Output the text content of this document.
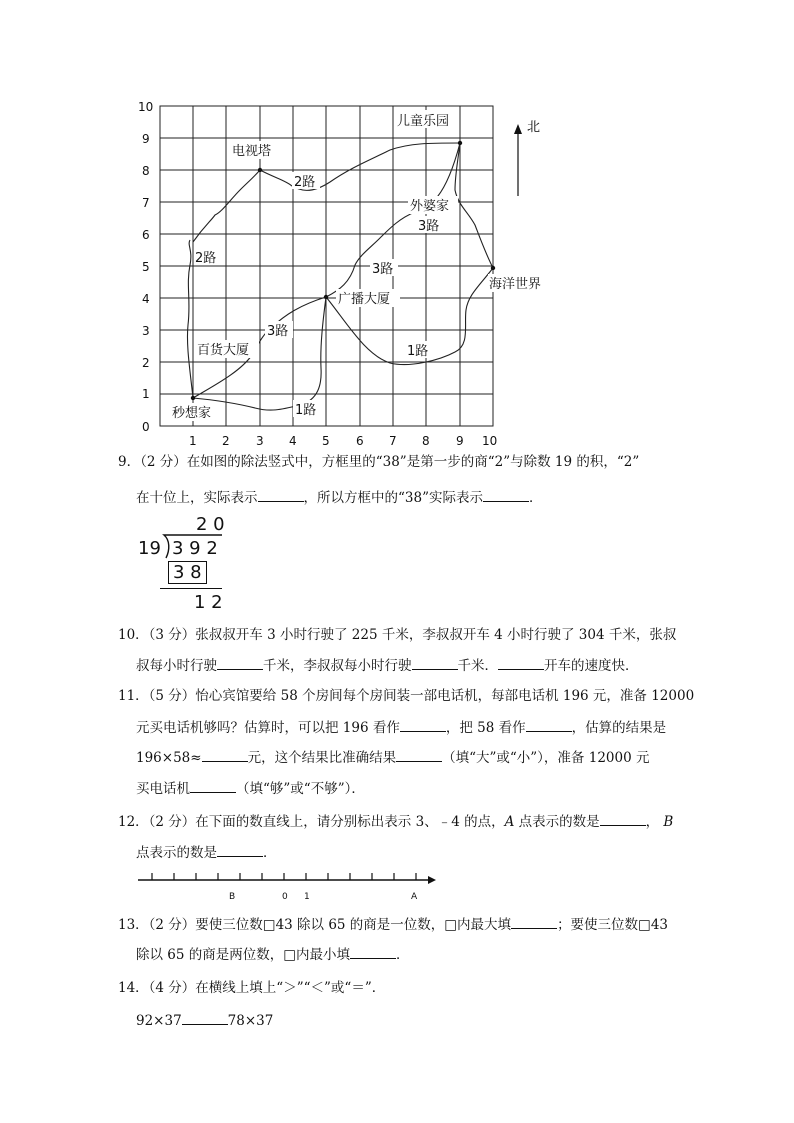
0
1
2
3
4
5
6
7
8
9
10
1 2 3 4 5 6 7 8 9 10
北
儿童乐园
电视塔
外婆家
海洋世界
广播大厦
百货大厦
秒想家
2路
2路
3路
3路
3路
1路
1路
9．（2 分）在如图的除法竖式中，方框里的“38”是第一步的商“2”与除数 19 的积，“2”
在十位上，实际表示	，所以方框中的“38”实际表示	．
2 0
19 3 9 2
3 8
1 2
10．（3 分）张叔叔开车 3 小时行驶了 225 千米，李叔叔开车 4 小时行驶了 304 千米，张叔
叔每小时行驶	千米，李叔叔每小时行驶	千米．	开车的速度快．
11．（5 分）怡心宾馆要给 58 个房间每个房间装一部电话机，每部电话机 196 元，准备 12000
元买电话机够吗？估算时，可以把 196 看作	，把 58 看作	，估算的结果是
196×58≈	元，这个结果比准确结果	（填“大”或“小”），准备 12000 元
买电话机	（填“够”或“不够”）．
12．（2 分）在下面的数直线上，请分别标出表示 3、﹣4 的点，A 点表示的数是	， B
点表示的数是	．
B	0 1	A
13．（2 分）要使三位数□43 除以 65 的商是一位数，□内最大填	；要使三位数□43
除以 65 的商是两位数，□内最小填	．
14．（4 分）在横线上填上“＞”“＜”或“＝”．
92×37	78×37
